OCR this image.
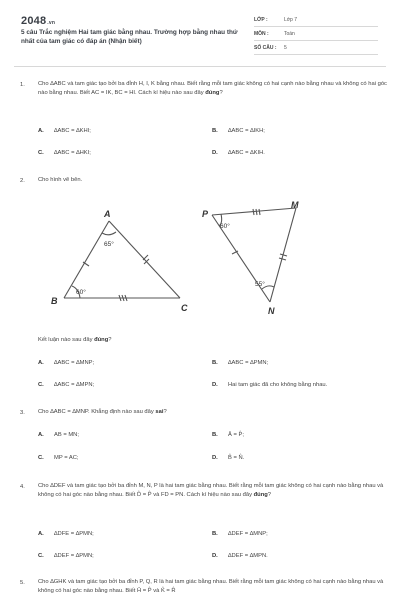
2048.vn
5 câu Trắc nghiệm Hai tam giác bằng nhau. Trường hợp bằng nhau thứ nhất của tam giác có đáp án (Nhận biết)
LỚP :	Lớp 7
MÔN :	Toán
SỐ CÂU : 5
1. Cho ∆ABC và tam giác tạo bởi ba đỉnh H, I, K bằng nhau. Biết rằng mỗi tam giác không có hai cạnh nào bằng nhau và không có hai góc nào bằng nhau. Biết AC = IK, BC = HI. Cách kí hiệu nào sau đây đúng?
A. ∆ABC = ∆KHI;	B. ∆ABC = ∆IKH;
C. ∆ABC = ∆HKI;	D. ∆ABC = ∆KIH.
2. Cho hình vẽ bên.
A
B
C
P
M
N
65°
60°
60°
55°
Kết luận nào sau đây đúng?
A. ∆ABC = ∆MNP;	B. ∆ABC = ∆PMN;
C. ∆ABC = ∆MPN;	D. Hai tam giác đã cho không bằng nhau.
3. Cho ∆ABC = ∆MNP. Khẳng định nào sau đây sai?
A. AB = MN;	B. Â = P̂;
C. MP = AC;	D. B̂ = N̂.
4. Cho ∆DEF và tam giác tạo bởi ba đỉnh M, N, P là hai tam giác bằng nhau. Biết rằng mỗi tam giác không có hai cạnh nào bằng nhau và không có hai góc nào bằng nhau. Biết D̂ = P̂ và FD = PN. Cách kí hiệu nào sau đây đúng?
A. ∆DFE = ∆PMN;	B. ∆DEF = ∆MNP;
C. ∆DEF = ∆PMN;	D. ∆DEF = ∆MPN.
5. Cho ∆GHK và tam giác tạo bởi ba đỉnh P, Q, R là hai tam giác bằng nhau. Biết rằng mỗi tam giác không có hai cạnh nào bằng nhau và không có hai góc nào bằng nhau. Biết Ĥ = P̂ và K̂ = R̂
